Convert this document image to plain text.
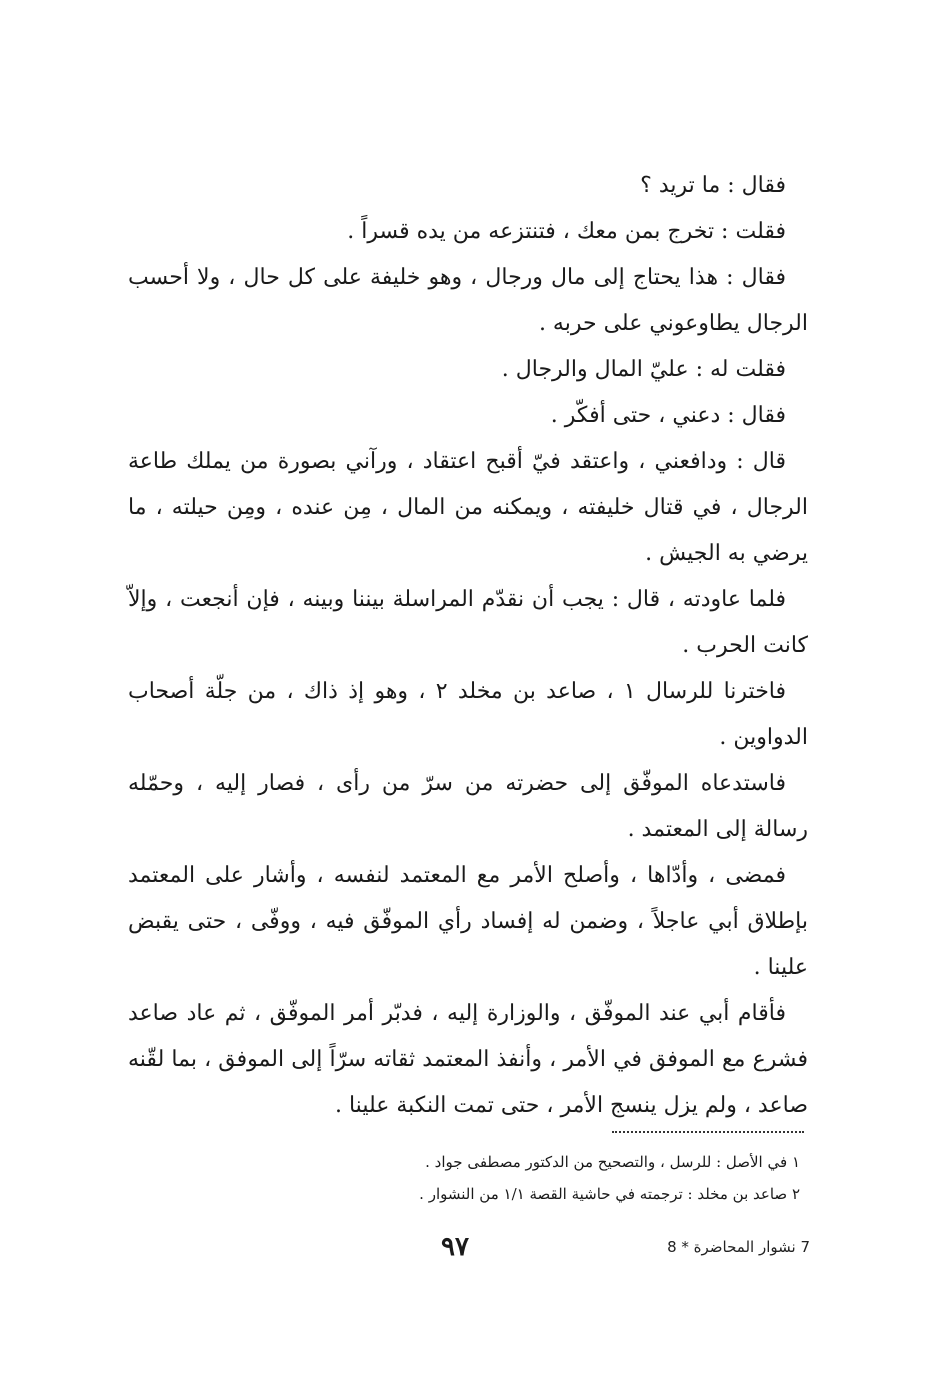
فقال : ما تريد ؟

فقلت : تخرج بمن معك ، فتنتزعه من يده قسراً .

فقال : هذا يحتاج إلى مال ورجال ، وهو خليفة على كل حال ، ولا أحسب الرجال يطاوعوني على حربه .

فقلت له : عليّ المال والرجال .

فقال : دعني ، حتى أفكّر .

قال : ودافعني ، واعتقد فيّ أقبح اعتقاد ، ورآني بصورة من يملك طاعة الرجال ، في قتال خليفته ، ويمكنه من المال ، مِن عنده ، ومِن حيلته ، ما يرضي به الجيش .

فلما عاودته ، قال : يجب أن نقدّم المراسلة بيننا وبينه ، فإن أنجعت ، وإلاّ كانت الحرب .

فاخترنا للرسال ١ ، صاعد بن مخلد ٢ ، وهو إذ ذاك ، من جلّة أصحاب الدواوين .

فاستدعاه الموفّق إلى حضرته من سرّ من رأى ، فصار إليه ، وحمّله رسالة إلى المعتمد .

فمضى ، وأدّاها ، وأصلح الأمر مع المعتمد لنفسه ، وأشار على المعتمد بإطلاق أبي عاجلاً ، وضمن له إفساد رأي الموفّق فيه ، ووفّى ، حتى يقبض علينا .

فأقام أبي عند الموفّق ، والوزارة إليه ، فدبّر أمر الموفّق ، ثم عاد صاعد فشرع مع الموفق في الأمر ، وأنفذ المعتمد ثقاته سرّاً إلى الموفق ، بما لقّنه صاعد ، ولم يزل ينسج الأمر ، حتى تمت النكبة علينا .

١ في الأصل : للرسل ، والتصحيح من الدكتور مصطفى جواد .

٢ صاعد بن مخلد : ترجمته في حاشية القصة ١/١ من النشوار .

٩٧	7 نشوار المحاضرة * 8
